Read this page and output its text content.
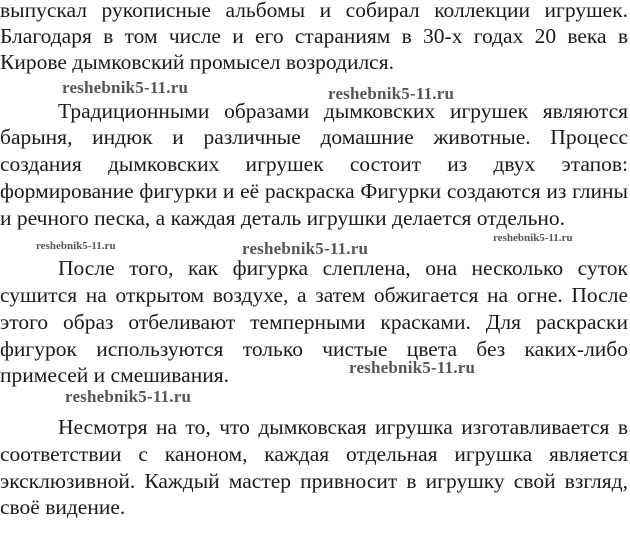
выпускал рукописные альбомы и собирал коллекции игрушек.
Благодаря в том числе и его стараниям в 30-х годах 20 века в
Кирове дымковский промысел возродился.
Традиционными образами дымковских игрушек являются
барыня, индюк и различные домашние животные. Процесс
создания дымковских игрушек состоит из двух этапов:
формирование фигурки и её раскраска Фигурки создаются из глины
и речного песка, а каждая деталь игрушки делается отдельно.
После того, как фигурка слеплена, она несколько суток
сушится на открытом воздухе, а затем обжигается на огне. После
этого образ отбеливают темперными красками. Для раскраски
фигурок используются только чистые цвета без каких-либо
примесей и смешивания.
Несмотря на то, что дымковская игрушка изготавливается в
соответствии с каноном, каждая отдельная игрушка является
эксклюзивной. Каждый мастер привносит в игрушку свой взгляд,
своё видение.
reshebnik5-11.ru	reshebnik5-11.ru
reshebnik5-11.ru	reshebnik5-11.ru
reshebnik5-11.ru
reshebnik5-11.ru
reshebnik5-11.ru
